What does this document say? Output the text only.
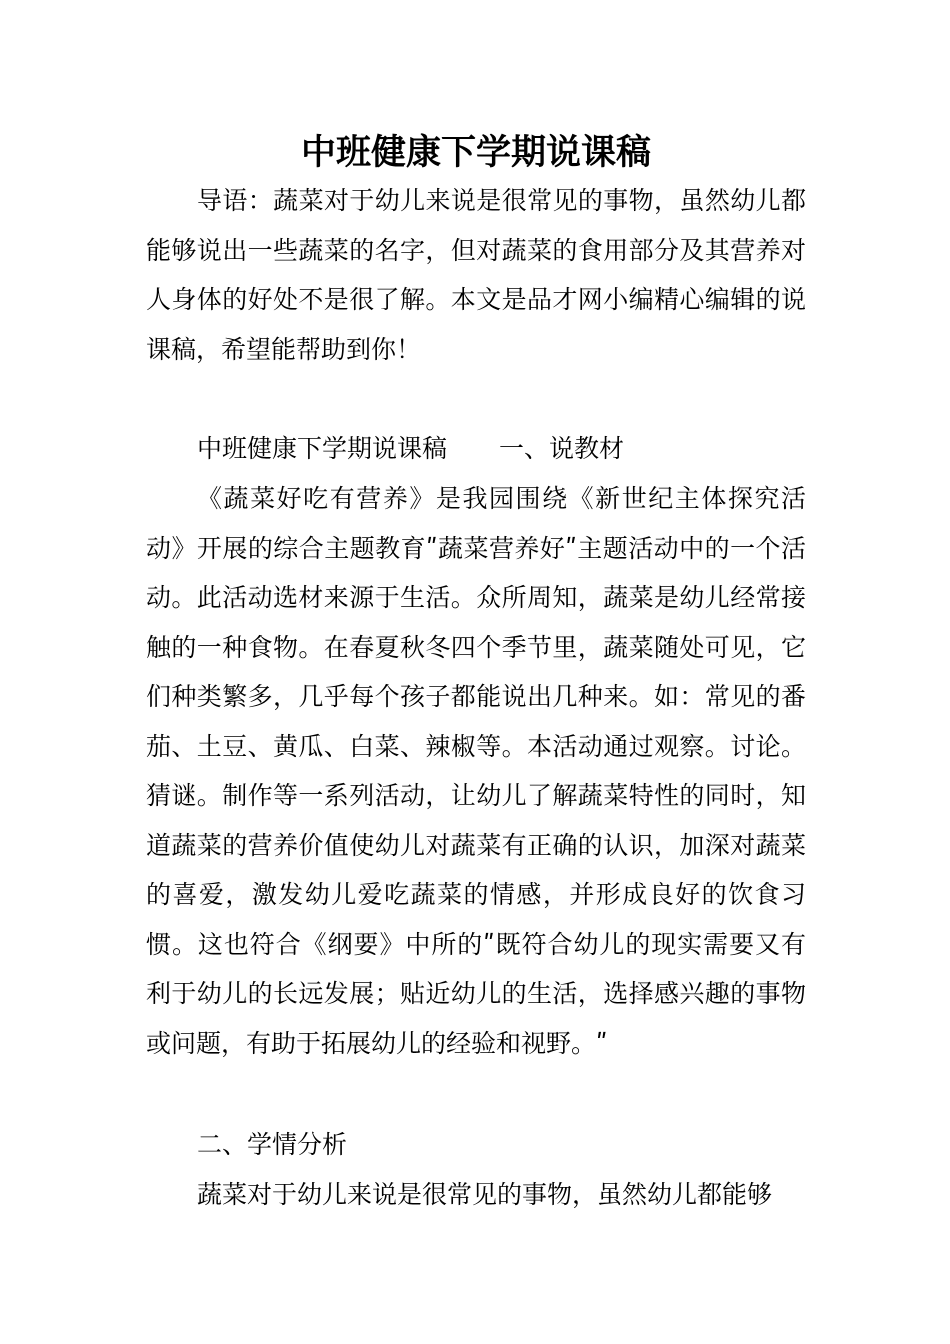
中班健康下学期说课稿

导语：蔬菜对于幼儿来说是很常见的事物，虽然幼儿都能够说出一些蔬菜的名字，但对蔬菜的食用部分及其营养对人身体的好处不是很了解。本文是品才网小编精心编辑的说课稿，希望能帮助到你！

中班健康下学期说课稿 一、说教材

《蔬菜好吃有营养》是我园围绕《新世纪主体探究活动》开展的综合主题教育ʺ蔬菜营养好ʺ主题活动中的一个活动。此活动选材来源于生活。众所周知，蔬菜是幼儿经常接触的一种食物。在春夏秋冬四个季节里，蔬菜随处可见，它们种类繁多，几乎每个孩子都能说出几种来。如：常见的番茄、土豆、黄瓜、白菜、辣椒等。本活动通过观察。讨论。猜谜。制作等一系列活动，让幼儿了解蔬菜特性的同时，知道蔬菜的营养价值使幼儿对蔬菜有正确的认识，加深对蔬菜的喜爱，激发幼儿爱吃蔬菜的情感，并形成良好的饮食习惯。这也符合《纲要》中所的ʺ既符合幼儿的现实需要又有利于幼儿的长远发展；贴近幼儿的生活，选择感兴趣的事物或问题，有助于拓展幼儿的经验和视野。ʺ

二、学情分析

蔬菜对于幼儿来说是很常见的事物，虽然幼儿都能够
